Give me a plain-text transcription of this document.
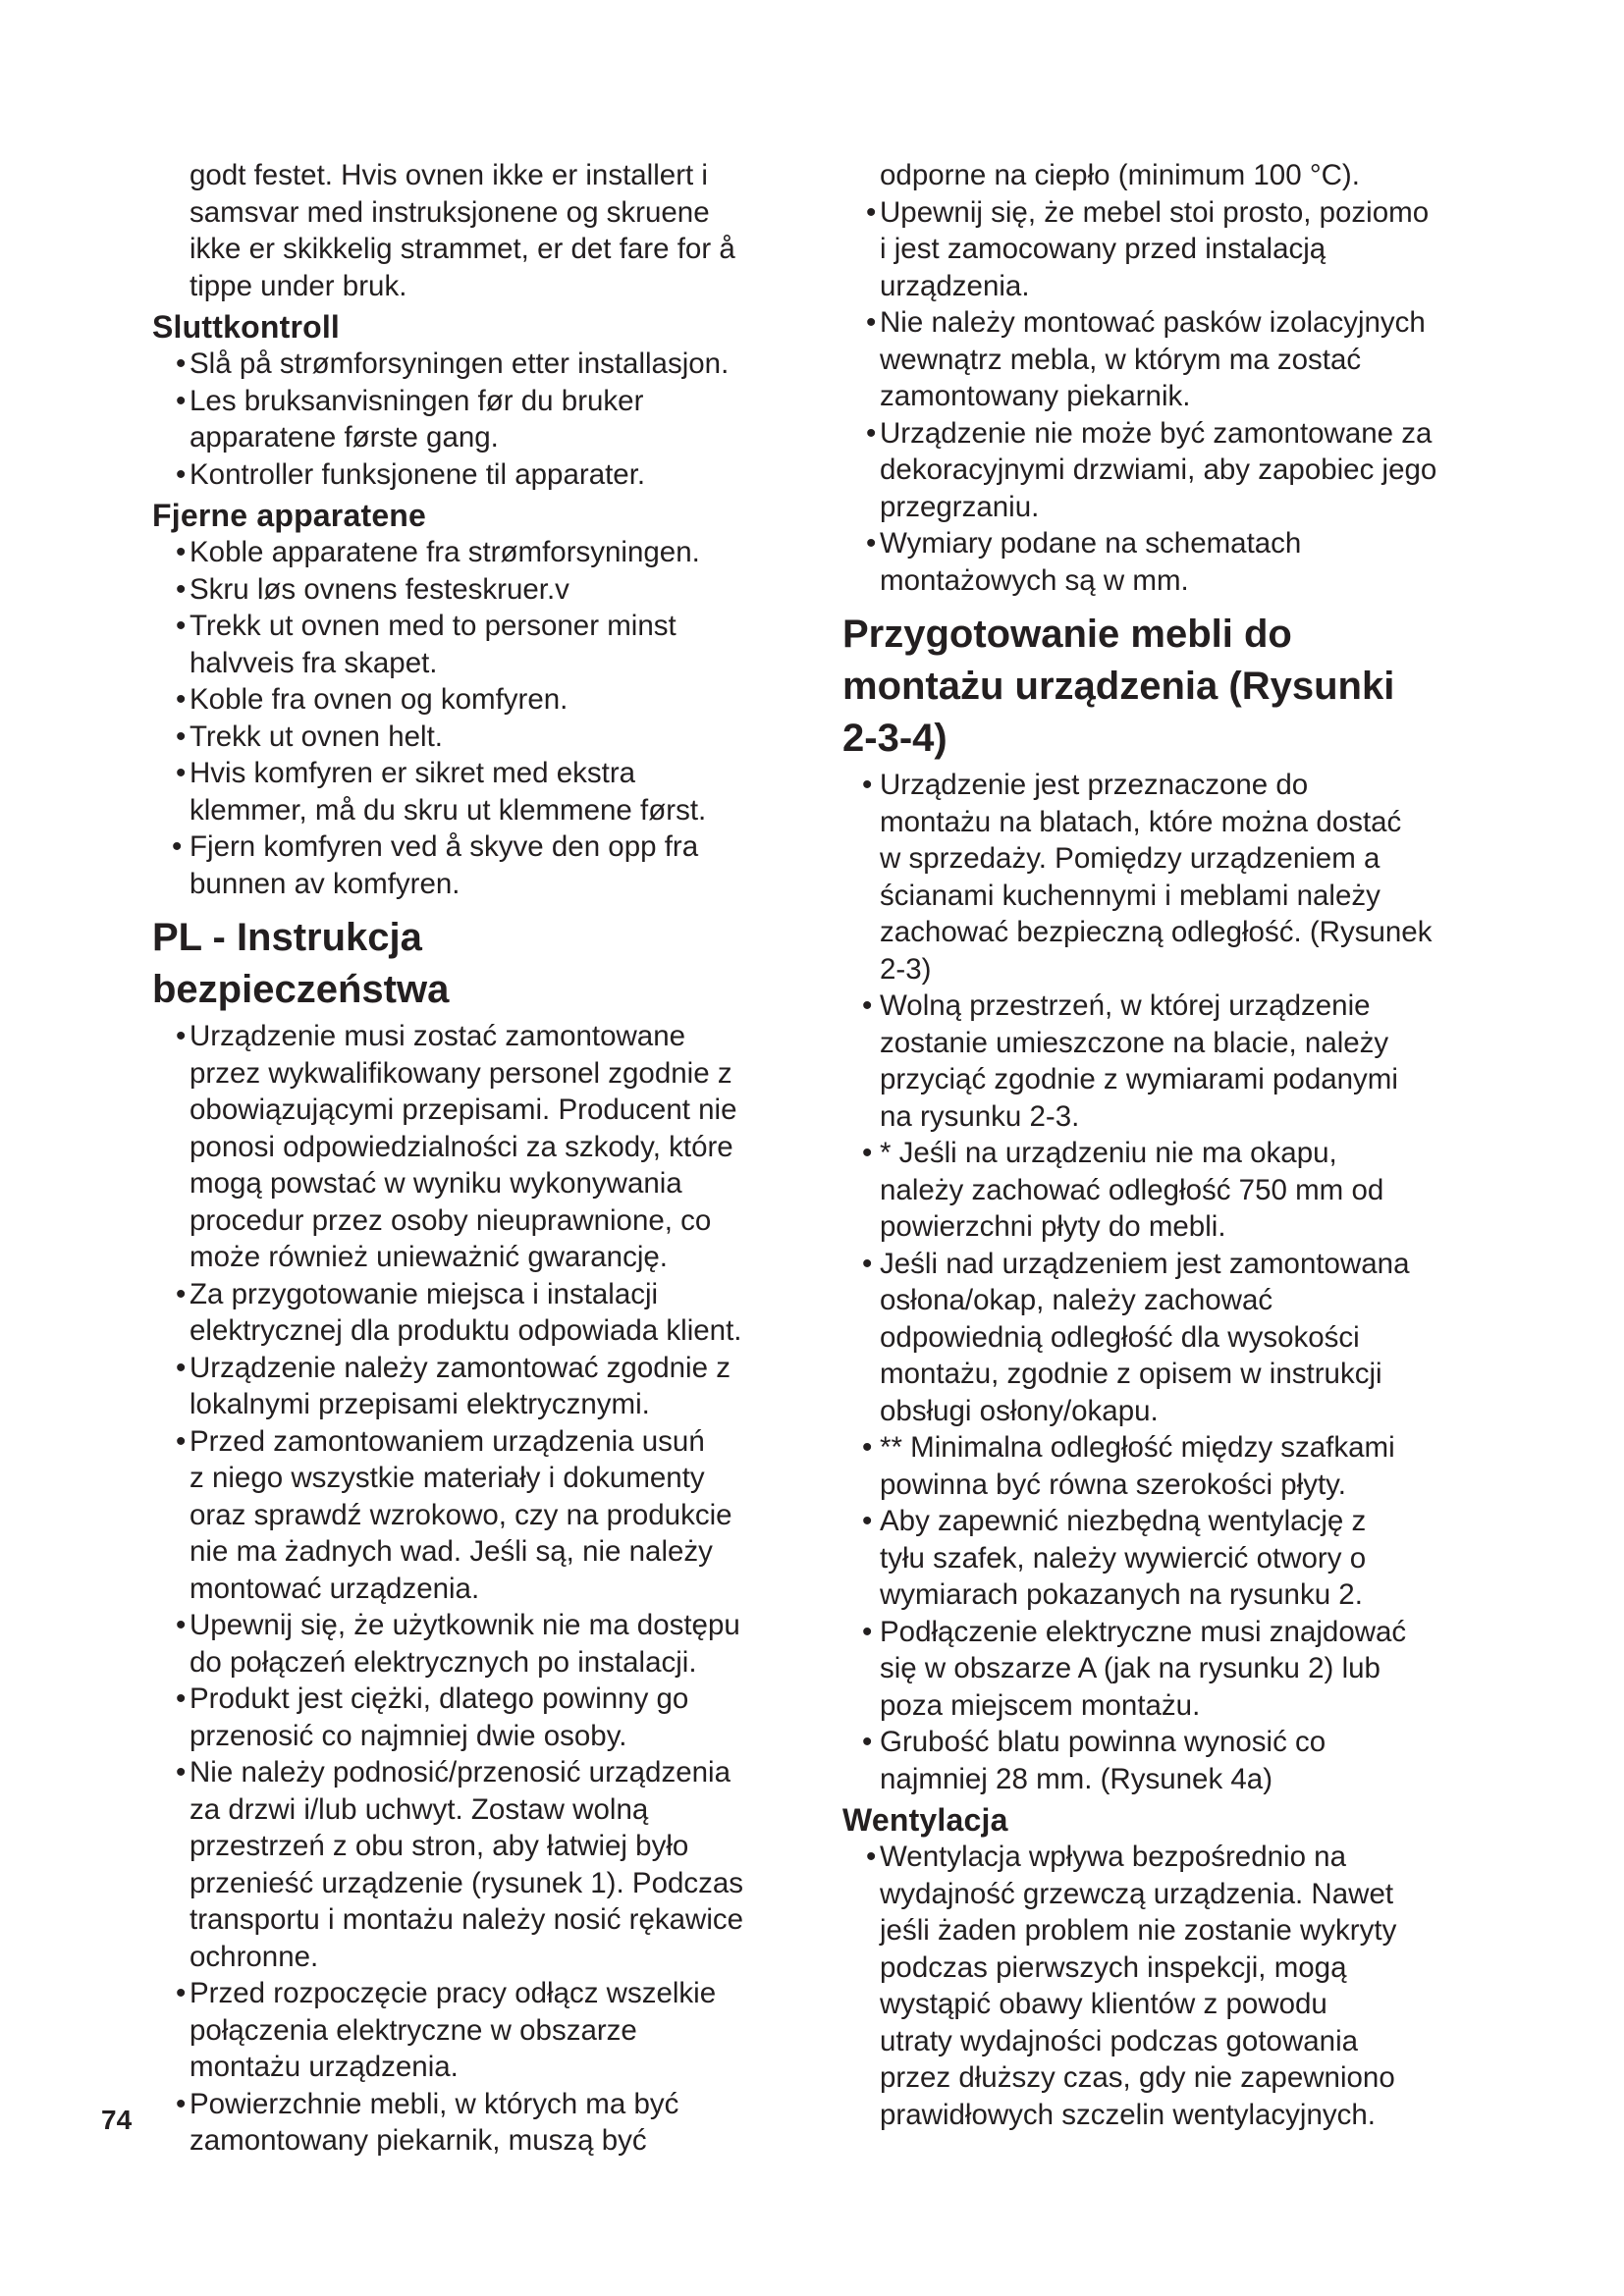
godt festet. Hvis ovnen ikke er installert i
samsvar med instruksjonene og skruene
ikke er skikkelig strammet, er det fare for å
tippe under bruk.

Sluttkontroll
• Slå på strømforsyningen etter installasjon.
• Les bruksanvisningen før du bruker
apparatene første gang.
• Kontroller funksjonene til apparater.
Fjerne apparatene
• Koble apparatene fra strømforsyningen.
• Skru løs ovnens festeskruer.v
• Trekk ut ovnen med to personer minst
halvveis fra skapet.
• Koble fra ovnen og komfyren.
• Trekk ut ovnen helt.
• Hvis komfyren er sikret med ekstra
klemmer, må du skru ut klemmene først.
• Fjern komfyren ved å skyve den opp fra
bunnen av komfyren.
PL - Instrukcja
bezpieczeństwa
• Urządzenie musi zostać zamontowane
przez wykwalifikowany personel zgodnie z
obowiązującymi przepisami. Producent nie
ponosi odpowiedzialności za szkody, które
mogą powstać w wyniku wykonywania
procedur przez osoby nieuprawnione, co
może również unieważnić gwarancję.
• Za przygotowanie miejsca i instalacji
elektrycznej dla produktu odpowiada klient.
• Urządzenie należy zamontować zgodnie z
lokalnymi przepisami elektrycznymi.
• Przed zamontowaniem urządzenia usuń
z niego wszystkie materiały i dokumenty
oraz sprawdź wzrokowo, czy na produkcie
nie ma żadnych wad. Jeśli są, nie należy
montować urządzenia.
• Upewnij się, że użytkownik nie ma dostępu
do połączeń elektrycznych po instalacji.
• Produkt jest ciężki, dlatego powinny go
przenosić co najmniej dwie osoby.
• Nie należy podnosić/przenosić urządzenia
za drzwi i/lub uchwyt. Zostaw wolną
przestrzeń z obu stron, aby łatwiej było
przenieść urządzenie (rysunek 1). Podczas
transportu i montażu należy nosić rękawice
ochronne.
• Przed rozpoczęcie pracy odłącz wszelkie
połączenia elektryczne w obszarze
montażu urządzenia.
• Powierzchnie mebli, w których ma być
zamontowany piekarnik, muszą być

odporne na ciepło (minimum 100 °C).

• Upewnij się, że mebel stoi prosto, poziomo
i jest zamocowany przed instalacją
urządzenia.
• Nie należy montować pasków izolacyjnych
wewnątrz mebla, w którym ma zostać
zamontowany piekarnik.
• Urządzenie nie może być zamontowane za
dekoracyjnymi drzwiami, aby zapobiec jego
przegrzaniu.
• Wymiary podane na schematach
montażowych są w mm.
Przygotowanie mebli do
montażu urządzenia (Rysunki
2-3-4)
• Urządzenie jest przeznaczone do
montażu na blatach, które można dostać
w sprzedaży. Pomiędzy urządzeniem a
ścianami kuchennymi i meblami należy
zachować bezpieczną odległość. (Rysunek
2-3)
• Wolną przestrzeń, w której urządzenie
zostanie umieszczone na blacie, należy
przyciąć zgodnie z wymiarami podanymi
na rysunku 2-3.
• * Jeśli na urządzeniu nie ma okapu,
należy zachować odległość 750 mm od
powierzchni płyty do mebli.
• Jeśli nad urządzeniem jest zamontowana
osłona/okap, należy zachować
odpowiednią odległość dla wysokości
montażu, zgodnie z opisem w instrukcji
obsługi osłony/okapu.
• ** Minimalna odległość między szafkami
powinna być równa szerokości płyty.
• Aby zapewnić niezbędną wentylację z
tyłu szafek, należy wywiercić otwory o
wymiarach pokazanych na rysunku 2.
• Podłączenie elektryczne musi znajdować
się w obszarze A (jak na rysunku 2) lub
poza miejscem montażu.
• Grubość blatu powinna wynosić co
najmniej 28 mm. (Rysunek 4a)
Wentylacja
• Wentylacja wpływa bezpośrednio na
wydajność grzewczą urządzenia. Nawet
jeśli żaden problem nie zostanie wykryty
podczas pierwszych inspekcji, mogą
wystąpić obawy klientów z powodu
utraty wydajności podczas gotowania
przez dłuższy czas, gdy nie zapewniono
prawidłowych szczelin wentylacyjnych.
74
